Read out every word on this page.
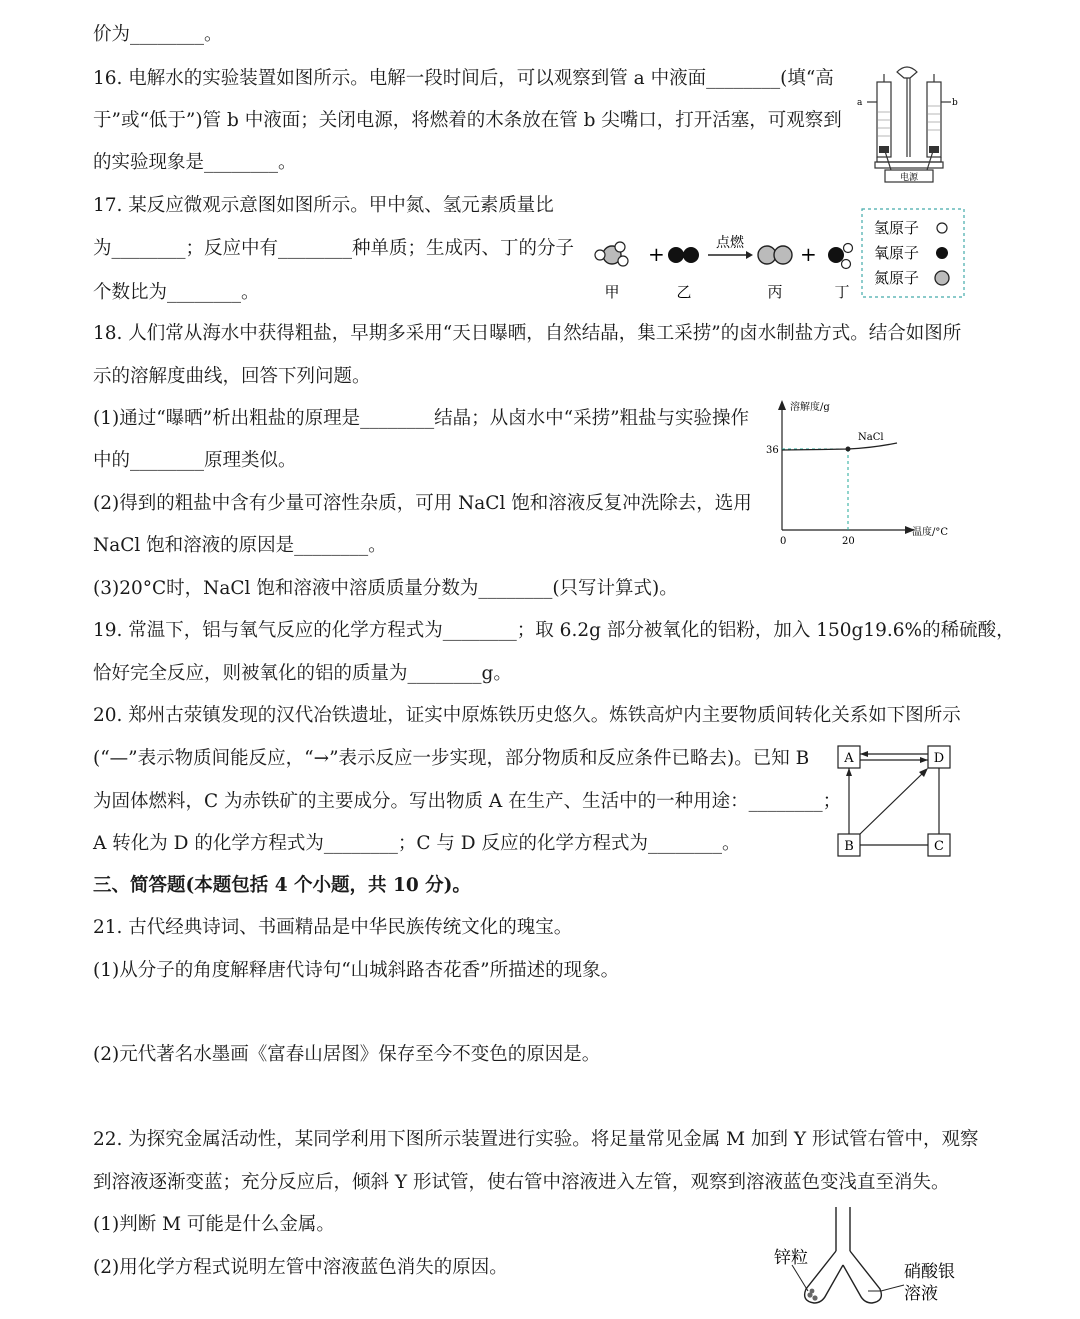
价为________。
16. 电解水的实验装置如图所示。电解一段时间后，可以观察到管 a 中液面________(填“高
于”或“低于”)管 b 中液面；关闭电源，将燃着的木条放在管 b 尖嘴口，打开活塞，可观察到
的实验现象是________。
17. 某反应微观示意图如图所示。甲中氮、氢元素质量比
为________；反应中有________种单质；生成丙、丁的分子
个数比为________。
18. 人们常从海水中获得粗盐，早期多采用“天日曝晒，自然结晶，集工采捞”的卤水制盐方式。结合如图所
示的溶解度曲线，回答下列问题。
(1)通过“曝晒”析出粗盐的原理是________结晶；从卤水中“采捞”粗盐与实验操作
中的________原理类似。
(2)得到的粗盐中含有少量可溶性杂质，可用 NaCl 饱和溶液反复冲洗除去，选用
NaCl 饱和溶液的原因是________。
(3)20°C时，NaCl 饱和溶液中溶质质量分数为________(只写计算式)。
19. 常温下，铝与氧气反应的化学方程式为________；取 6.2g 部分被氧化的铝粉，加入 150g19.6%的稀硫酸，
恰好完全反应，则被氧化的铝的质量为________g。
20. 郑州古荥镇发现的汉代冶铁遗址，证实中原炼铁历史悠久。炼铁高炉内主要物质间转化关系如下图所示
(“—”表示物质间能反应，“→”表示反应一步实现，部分物质和反应条件已略去)。已知 B
为固体燃料，C 为赤铁矿的主要成分。写出物质 A 在生产、生活中的一种用途：________；
A 转化为 D 的化学方程式为________；C 与 D 反应的化学方程式为________。
三、简答题(本题包括 4 个小题，共 10 分)。
21. 古代经典诗词、书画精品是中华民族传统文化的瑰宝。
(1)从分子的角度解释唐代诗句“山城斜路杏花香”所描述的现象。
(2)元代著名水墨画《富春山居图》保存至今不变色的原因是。
22. 为探究金属活动性，某同学利用下图所示装置进行实验。将足量常见金属 M 加到 Y 形试管右管中，观察
到溶液逐渐变蓝；充分反应后，倾斜 Y 形试管，使右管中溶液进入左管，观察到溶液蓝色变浅直至消失。
(1)判断 M 可能是什么金属。
(2)用化学方程式说明左管中溶液蓝色消失的原因。
a	b
电源
+	点燃	+
甲	乙	丙	丁
氢原子
氧原子
氮原子
溶解度/g
温度/°C
36
0	20
NaCl
A	D
B	C
锌粒
硝酸银
溶液
